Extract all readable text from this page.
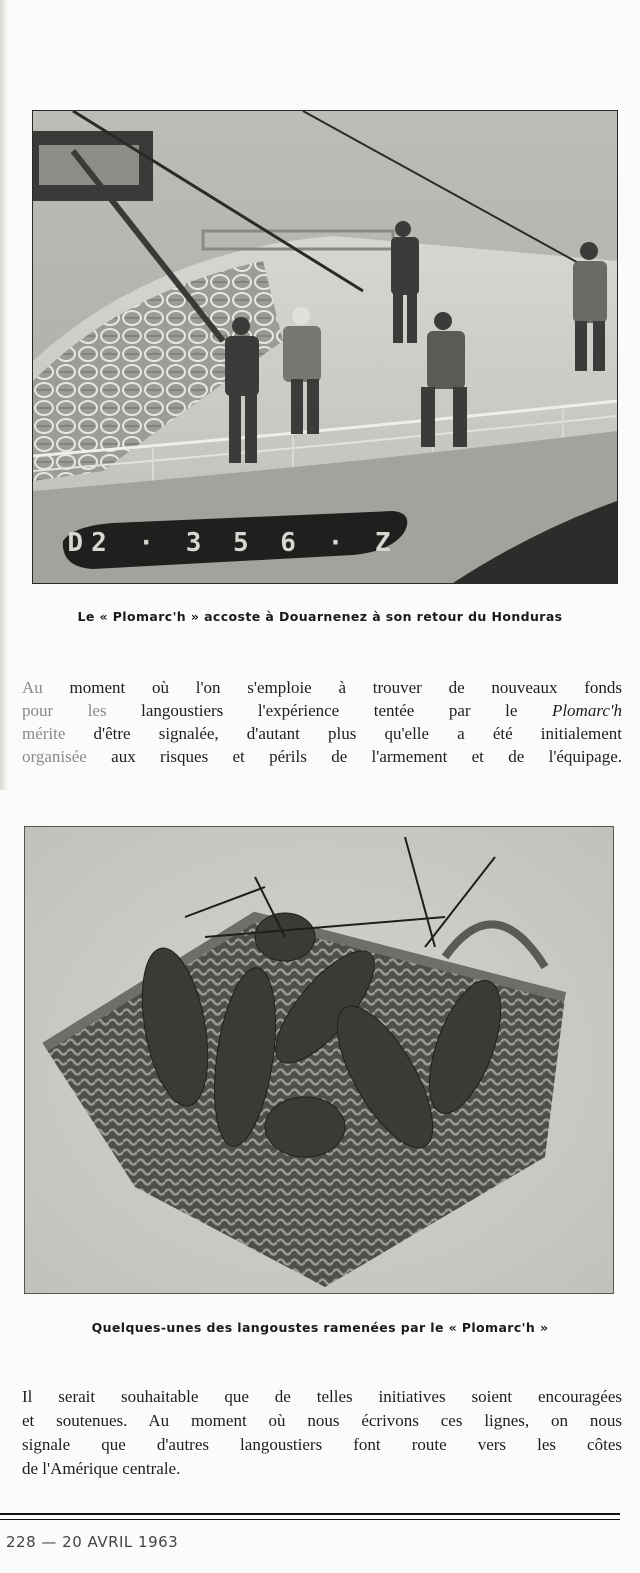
D2 · 3 5 6 · Z
Le « Plomarc'h » accoste à Douarnenez à son retour du Honduras
Au moment où l'on s'emploie à trouver de nouveaux fonds
pour les langoustiers l'expérience tentée par le Plomarc'h
mérite d'être signalée, d'autant plus qu'elle a été initialement
organisée aux risques et périls de l'armement et de l'équipage.
Quelques-unes des langoustes ramenées par le « Plomarc'h »
Il serait souhaitable que de telles initiatives soient encouragées
et soutenues. Au moment où nous écrivons ces lignes, on nous
signale que d'autres langoustiers font route vers les côtes
de l'Amérique centrale.
228 — 20 AVRIL 1963
